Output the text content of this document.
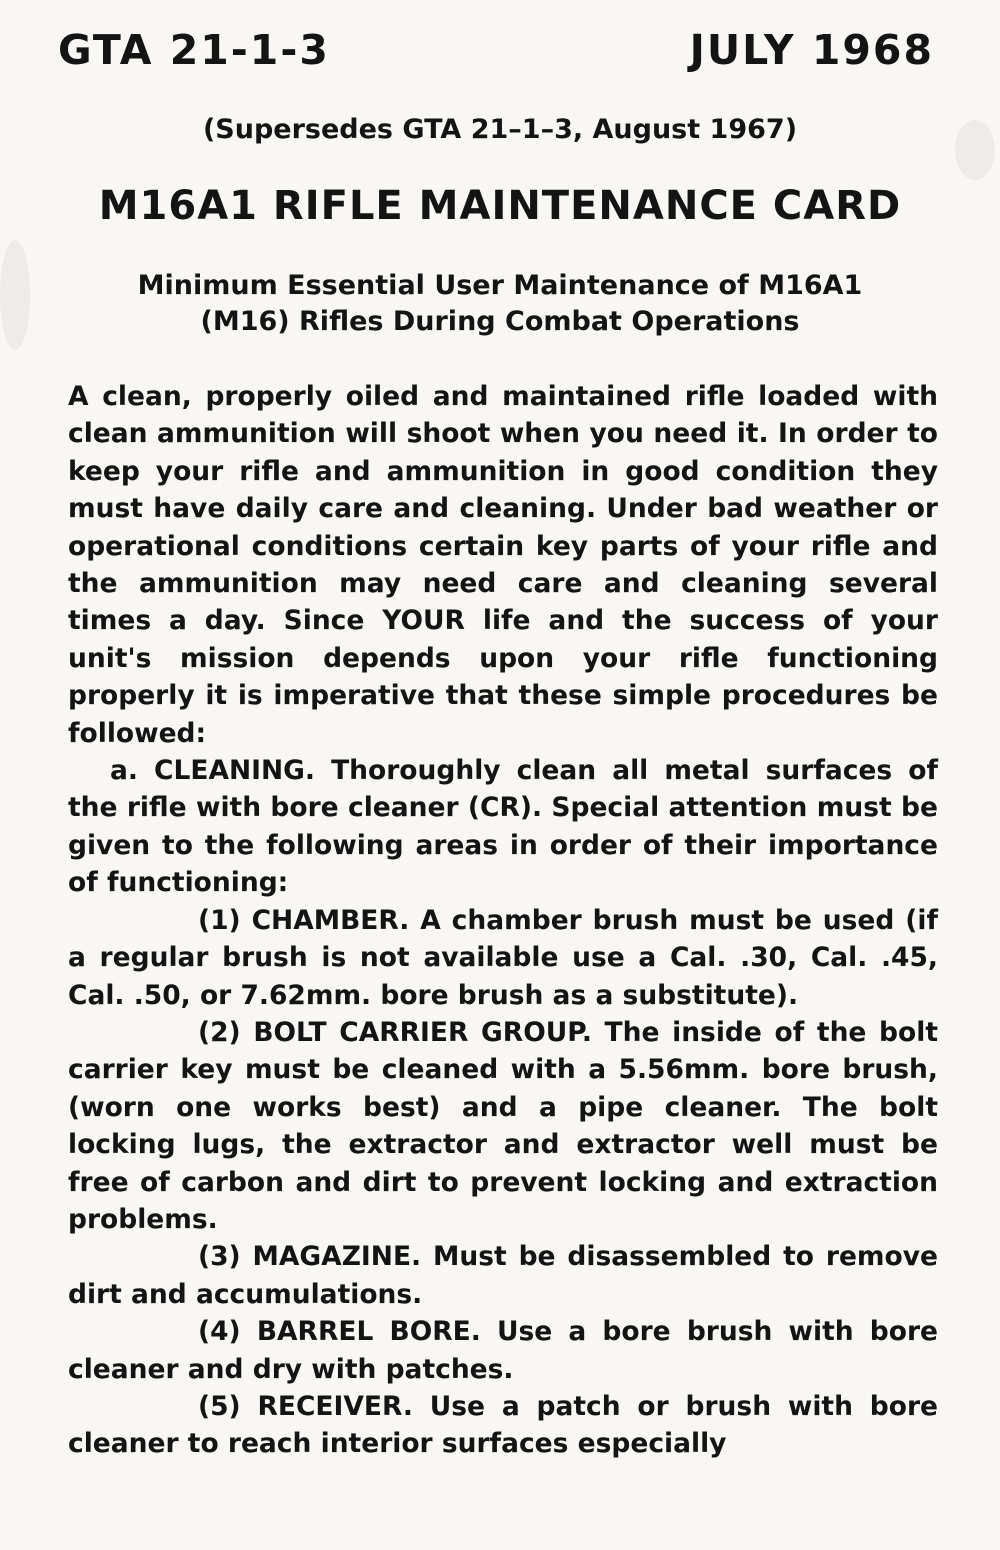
GTA 21-1-3	JULY 1968
(Supersedes GTA 21–1–3, August 1967)
M16A1 RIFLE MAINTENANCE CARD
Minimum Essential User Maintenance of M16A1
(M16) Rifles During Combat Operations

A clean, properly oiled and maintained rifle loaded with clean ammunition will shoot when you need it. In order to keep your rifle and ammunition in good condition they must have daily care and cleaning. Under bad weather or operational conditions certain key parts of your rifle and the ammunition may need care and cleaning several times a day. Since YOUR life and the success of your unit's mission depends upon your rifle functioning properly it is imperative that these simple procedures be followed:

a. CLEANING. Thoroughly clean all metal surfaces of the rifle with bore cleaner (CR). Special attention must be given to the following areas in order of their importance of functioning:

(1) CHAMBER. A chamber brush must be used (if a regular brush is not available use a Cal. .30, Cal. .45, Cal. .50, or 7.62mm. bore brush as a substitute).

(2) BOLT CARRIER GROUP. The inside of the bolt carrier key must be cleaned with a 5.56mm. bore brush, (worn one works best) and a pipe cleaner. The bolt locking lugs, the extractor and extractor well must be free of carbon and dirt to prevent locking and extraction problems.

(3) MAGAZINE. Must be disassembled to remove dirt and accumulations.

(4) BARREL BORE. Use a bore brush with bore cleaner and dry with patches.

(5) RECEIVER. Use a patch or brush with bore cleaner to reach interior surfaces especially
